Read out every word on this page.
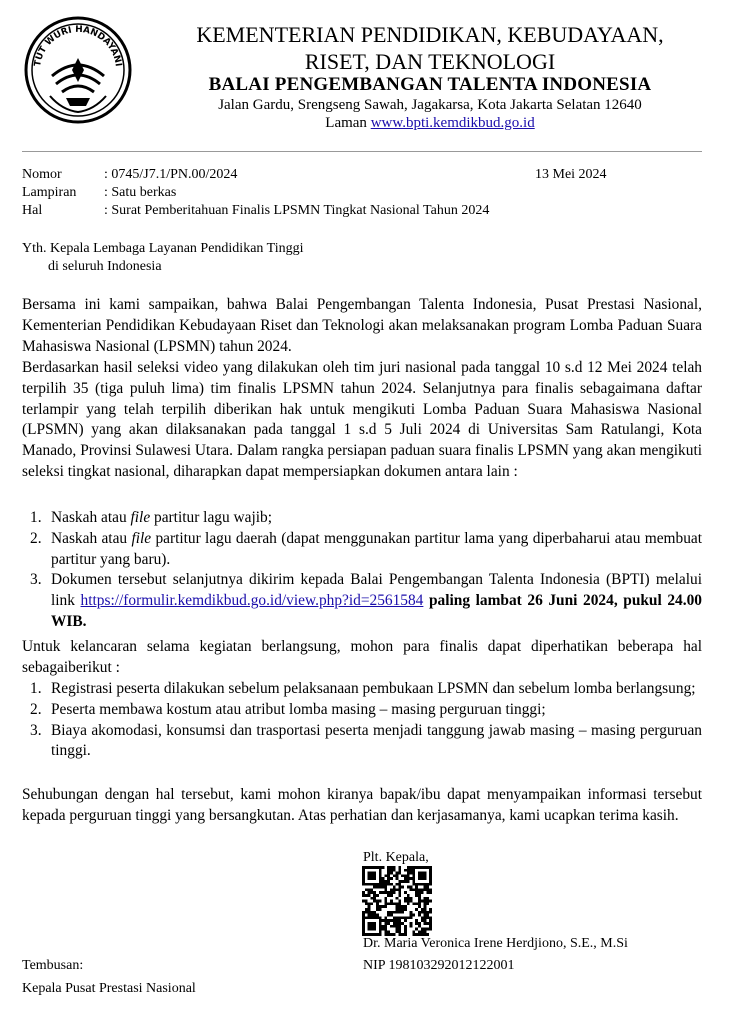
TUT WURI HANDAYANI
KEMENTERIAN PENDIDIKAN, KEBUDAYAAN,
RISET, DAN TEKNOLOGI
BALAI PENGEMBANGAN TALENTA INDONESIA
Jalan Gardu, Srengseng Sawah, Jagakarsa, Kota Jakarta Selatan 12640
Laman www.bpti.kemdikbud.go.id
Nomor	: 0745/J7.1/PN.00/2024	13 Mei 2024
Lampiran : Satu berkas
Hal	: Surat Pemberitahuan Finalis LPSMN Tingkat Nasional Tahun 2024
Yth. Kepala Lembaga Layanan Pendidikan Tinggi
di seluruh Indonesia
Bersama ini kami sampaikan, bahwa Balai Pengembangan Talenta Indonesia, Pusat Prestasi Nasional, Kementerian Pendidikan Kebudayaan Riset dan Teknologi akan melaksanakan program Lomba Paduan Suara Mahasiswa Nasional (LPSMN) tahun 2024.
Berdasarkan hasil seleksi video yang dilakukan oleh tim juri nasional pada tanggal 10 s.d 12 Mei 2024 telah terpilih 35 (tiga puluh lima) tim finalis LPSMN tahun 2024. Selanjutnya para finalis sebagaimana daftar terlampir yang telah terpilih diberikan hak untuk mengikuti Lomba Paduan Suara Mahasiswa Nasional (LPSMN) yang akan dilaksanakan pada tanggal 1 s.d 5 Juli 2024 di Universitas Sam Ratulangi, Kota Manado, Provinsi Sulawesi Utara. Dalam rangka persiapan paduan suara finalis LPSMN yang akan mengikuti seleksi tingkat nasional, diharapkan dapat mempersiapkan dokumen antara lain :
1. Naskah atau file partitur lagu wajib;
2. Naskah atau file partitur lagu daerah (dapat menggunakan partitur lama yang diperbaharui atau membuat partitur yang baru).
3. Dokumen tersebut selanjutnya dikirim kepada Balai Pengembangan Talenta Indonesia (BPTI) melalui link https://formulir.kemdikbud.go.id/view.php?id=2561584 paling lambat 26 Juni 2024, pukul 24.00 WIB.
Untuk kelancaran selama kegiatan berlangsung, mohon para finalis dapat diperhatikan beberapa hal sebagaiberikut :
1. Registrasi peserta dilakukan sebelum pelaksanaan pembukaan LPSMN dan sebelum lomba berlangsung;
2. Peserta membawa kostum atau atribut lomba masing – masing perguruan tinggi;
3. Biaya akomodasi, konsumsi dan trasportasi peserta menjadi tanggung jawab masing – masing perguruan tinggi.
Sehubungan dengan hal tersebut, kami mohon kiranya bapak/ibu dapat menyampaikan informasi tersebut kepada perguruan tinggi yang bersangkutan. Atas perhatian dan kerjasamanya, kami ucapkan terima kasih.
Plt. Kepala,
Dr. Maria Veronica Irene Herdjiono, S.E., M.Si
NIP 198103292012122001
Tembusan:
Kepala Pusat Prestasi Nasional
